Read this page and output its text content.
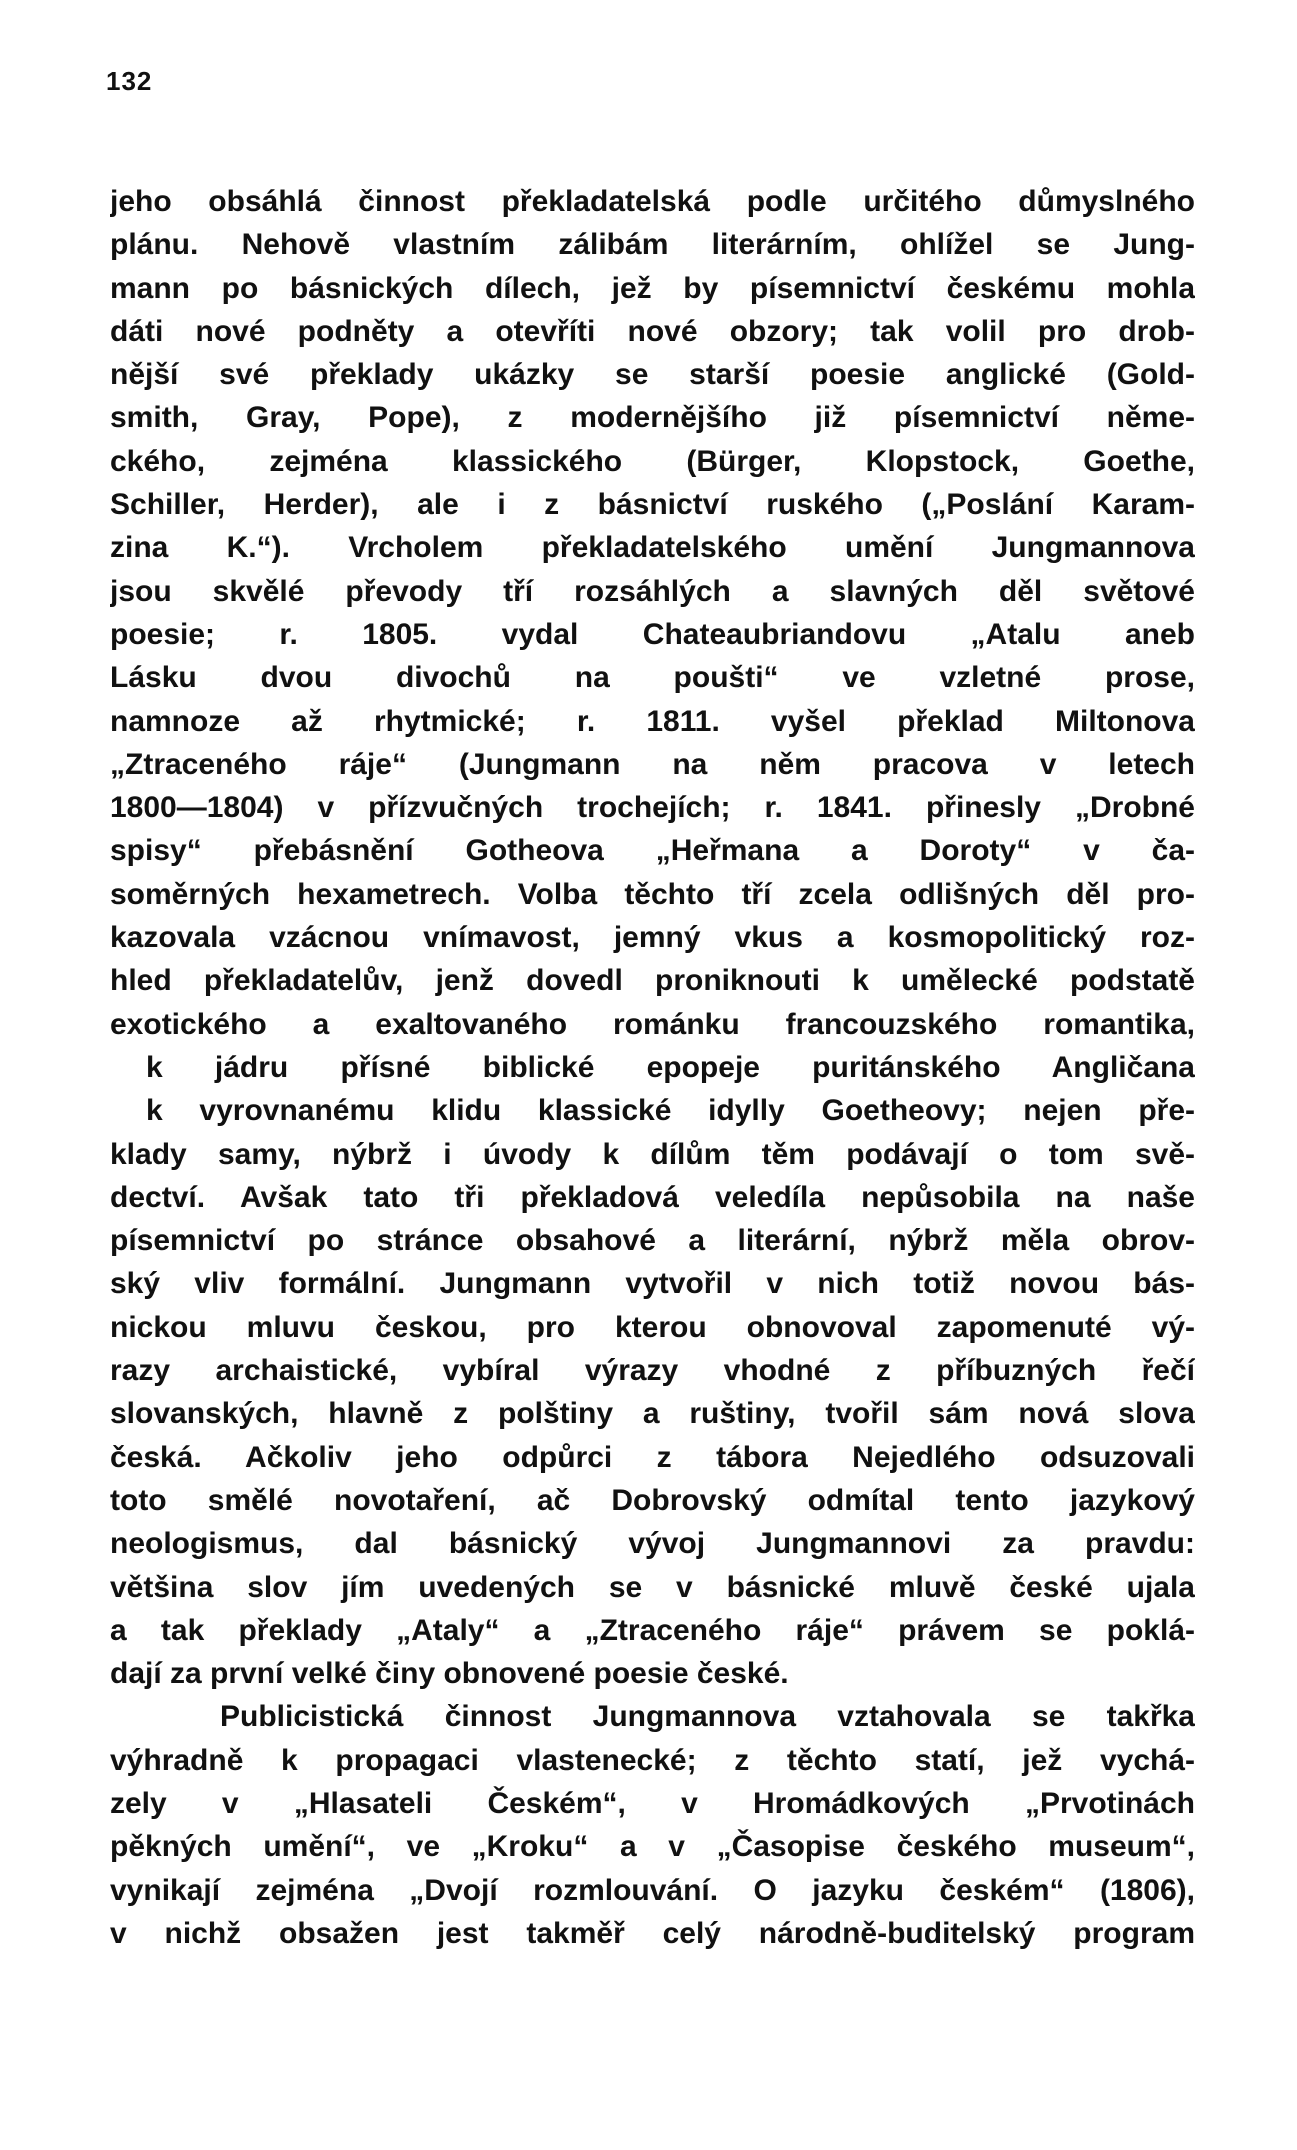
132
jeho obsáhlá činnost překladatelská podle určitého důmyslného
plánu. Nehově vlastním zálibám literárním, ohlížel se Jung-
mann po básnických dílech, jež by písemnictví českému mohla
dáti nové podněty a otevříti nové obzory; tak volil pro drob-
nější své překlady ukázky se starší poesie anglické (Gold-
smith, Gray, Pope), z modernějšího již písemnictví něme-
ckého, zejména klassického (Bürger, Klopstock, Goethe,
Schiller, Herder), ale i z básnictví ruského („Poslání Karam-
zina K.“). Vrcholem překladatelského umění Jungmannova
jsou skvělé převody tří rozsáhlých a slavných děl světové
poesie; r. 1805. vydal Chateaubriandovu „Atalu aneb
Lásku dvou divochů na poušti“ ve vzletné prose,
namnoze až rhytmické; r. 1811. vyšel překlad Miltonova
„Ztraceného ráje“ (Jungmann na něm pracova v letech
1800—1804) v přízvučných trochejích; r. 1841. přinesly „Drobné
spisy“ přebásnění Gotheova „Heřmana a Doroty“ v ča-
soměrných hexametrech. Volba těchto tří zcela odlišných děl pro-
kazovala vzácnou vnímavost, jemný vkus a kosmopolitický roz-
hled překladatelův, jenž dovedl proniknouti k umělecké podstatě
exotického a exaltovaného románku francouzského romantika,
k jádru přísné biblické epopeje puritánského Angličana
k vyrovnanému klidu klassické idylly Goetheovy; nejen pře-
klady samy, nýbrž i úvody k dílům těm podávají o tom svě-
dectví. Avšak tato tři překladová veledíla nepůsobila na naše
písemnictví po stránce obsahové a literární, nýbrž měla obrov-
ský vliv formální. Jungmann vytvořil v nich totiž novou bás-
nickou mluvu českou, pro kterou obnovoval zapomenuté vý-
razy archaistické, vybíral výrazy vhodné z příbuzných řečí
slovanských, hlavně z polštiny a ruštiny, tvořil sám nová slova
česká. Ačkoliv jeho odpůrci z tábora Nejedlého odsuzovali
toto smělé novotaření, ač Dobrovský odmítal tento jazykový
neologismus, dal básnický vývoj Jungmannovi za pravdu:
většina slov jím uvedených se v básnické mluvě české ujala
a tak překlady „Ataly“ a „Ztraceného ráje“ právem se poklá-
dají za první velké činy obnovené poesie české.
Publicistická činnost Jungmannova vztahovala se takřka
výhradně k propagaci vlastenecké; z těchto statí, jež vychá-
zely v „Hlasateli Českém“, v Hromádkových „Prvotinách
pěkných umění“, ve „Kroku“ a v „Časopise českého museum“,
vynikají zejména „Dvojí rozmlouvání. O jazyku českém“ (1806),
v nichž obsažen jest takměř celý národně-buditelský program
